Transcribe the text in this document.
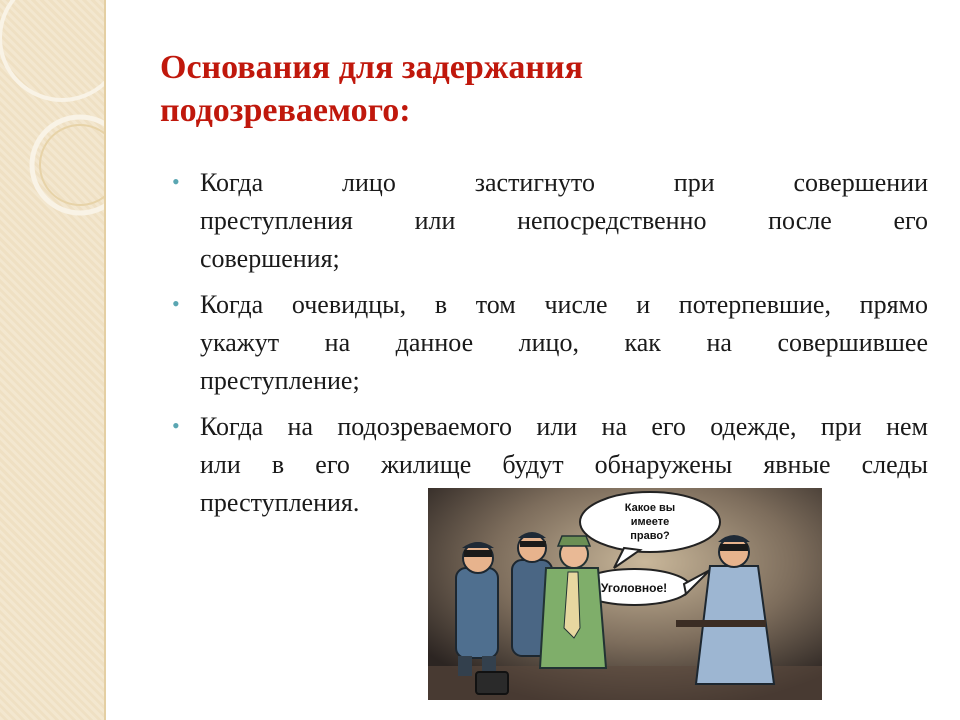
Основания для задержания
подозреваемого:
• Когда лицо застигнуто при совершении
преступления или непосредственно после его
совершения;
• Когда очевидцы, в том числе и потерпевшие, прямо
укажут на данное лицо, как на совершившее
преступление;
• Когда на подозреваемого или на его одежде, при нем
или в его жилище будут обнаружены явные следы
преступления.	Какое вы
имеете
право?
Уголовное!
